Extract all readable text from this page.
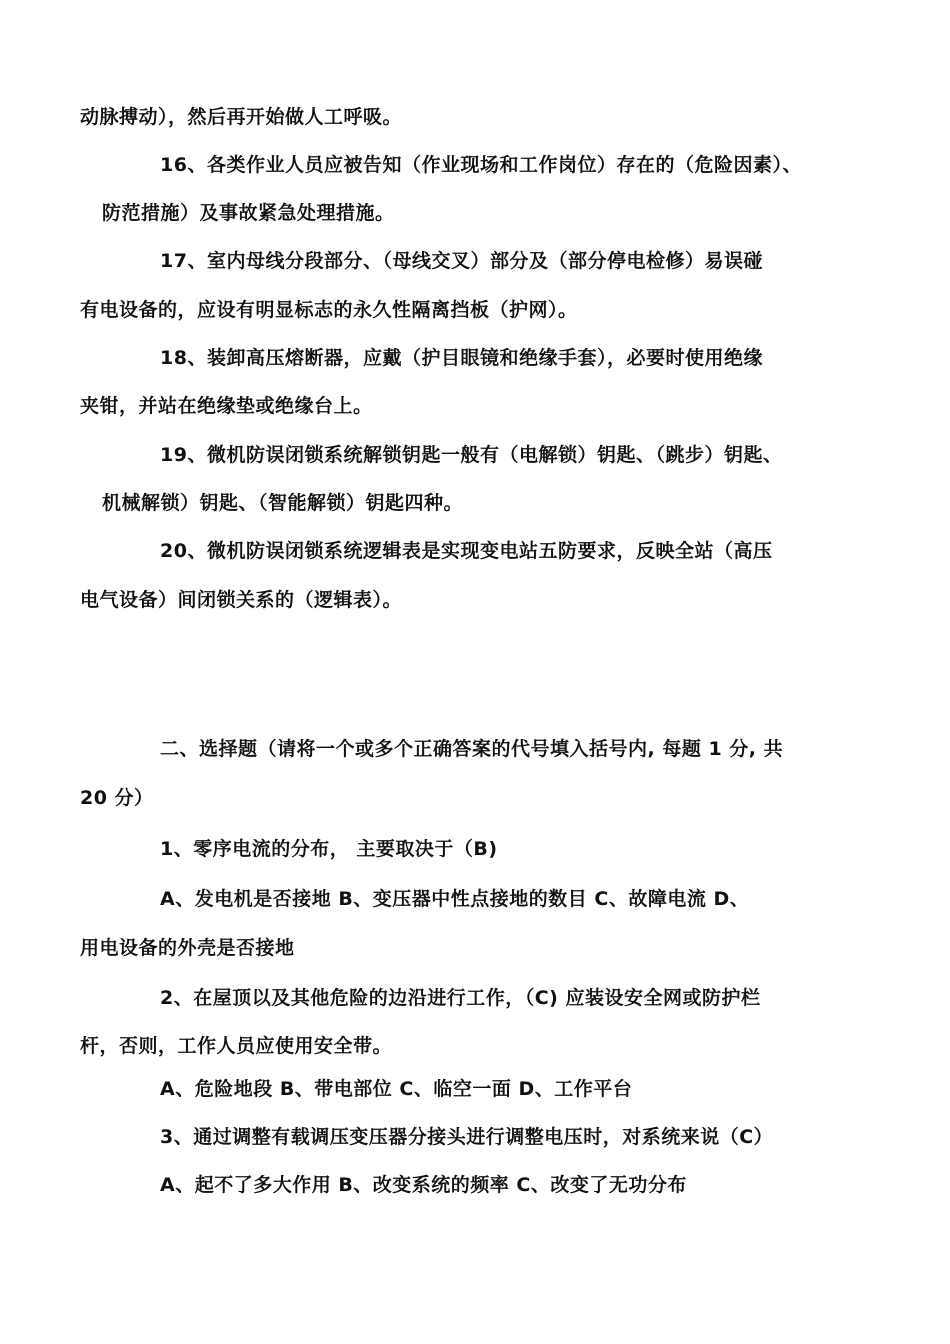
动脉搏动），然后再开始做人工呼吸。
16、各类作业人员应被告知（作业现场和工作岗位）存在的（危险因素）、
防范措施）及事故紧急处理措施。
17、室内母线分段部分、（母线交叉）部分及（部分停电检修）易误碰
有电设备的，应设有明显标志的永久性隔离挡板（护网）。
18、装卸高压熔断器，应戴（护目眼镜和绝缘手套），必要时使用绝缘
夹钳，并站在绝缘垫或绝缘台上。
19、微机防误闭锁系统解锁钥匙一般有（电解锁）钥匙、（跳步）钥匙、
机械解锁）钥匙、（智能解锁）钥匙四种。
20、微机防误闭锁系统逻辑表是实现变电站五防要求，反映全站（高压
电气设备）间闭锁关系的（逻辑表）。
二、选择题（请将一个或多个正确答案的代号填入括号内, 每题 1 分, 共
20 分）
1、零序电流的分布， 主要取决于（B)
A、发电机是否接地 B、变压器中性点接地的数目 C、故障电流 D、
用电设备的外壳是否接地
2、在屋顶以及其他危险的边沿进行工作，（C) 应装设安全网或防护栏
杆，否则，工作人员应使用安全带。
A、危险地段 B、带电部位 C、临空一面 D、工作平台
3、通过调整有载调压变压器分接头进行调整电压时，对系统来说（C）
A、起不了多大作用 B、改变系统的频率 C、改变了无功分布
